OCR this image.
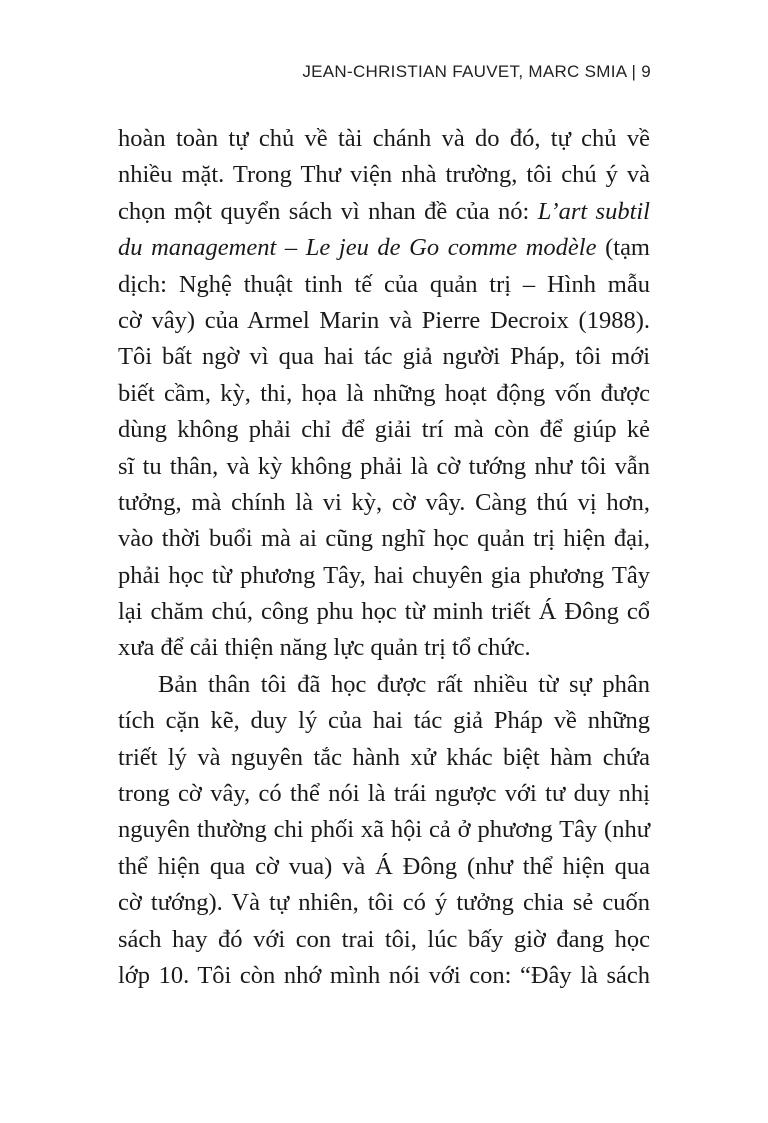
JEAN-CHRISTIAN FAUVET, MARC SMIA | 9
hoàn toàn tự chủ về tài chánh và do đó, tự chủ về
nhiều mặt. Trong Thư viện nhà trường, tôi chú ý và
chọn một quyển sách vì nhan đề của nó: L’art subtil
du management – Le jeu de Go comme modèle (tạm
dịch: Nghệ thuật tinh tế của quản trị – Hình mẫu
cờ vây) của Armel Marin và Pierre Decroix (1988).
Tôi bất ngờ vì qua hai tác giả người Pháp, tôi mới
biết cầm, kỳ, thi, họa là những hoạt động vốn được
dùng không phải chỉ để giải trí mà còn để giúp kẻ
sĩ tu thân, và kỳ không phải là cờ tướng như tôi vẫn
tưởng, mà chính là vi kỳ, cờ vây. Càng thú vị hơn,
vào thời buổi mà ai cũng nghĩ học quản trị hiện đại,
phải học từ phương Tây, hai chuyên gia phương Tây
lại chăm chú, công phu học từ minh triết Á Đông cổ
xưa để cải thiện năng lực quản trị tổ chức.
Bản thân tôi đã học được rất nhiều từ sự phân
tích cặn kẽ, duy lý của hai tác giả Pháp về những
triết lý và nguyên tắc hành xử khác biệt hàm chứa
trong cờ vây, có thể nói là trái ngược với tư duy nhị
nguyên thường chi phối xã hội cả ở phương Tây (như
thể hiện qua cờ vua) và Á Đông (như thể hiện qua
cờ tướng). Và tự nhiên, tôi có ý tưởng chia sẻ cuốn
sách hay đó với con trai tôi, lúc bấy giờ đang học
lớp 10. Tôi còn nhớ mình nói với con: “Đây là sách
